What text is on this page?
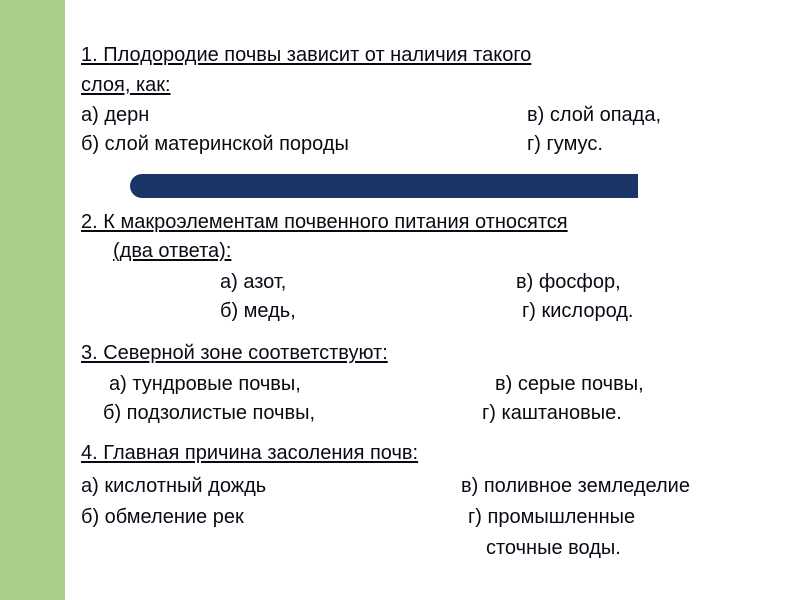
1. Плодородие почвы зависит от наличия такого
слоя, как:
а) дерн	в) слой опада,
б) слой материнской породы	г) гумус.
2. К макроэлементам почвенного питания относятся
(два ответа):
а) азот,	в) фосфор,
б) медь,	г) кислород.
3. Северной зоне соответствуют:
а) тундровые почвы,	в) серые почвы,
б) подзолистые почвы,	г) каштановые.
4. Главная причина засоления почв:
а) кислотный дождь	в) поливное земледелие
б) обмеление рек	г) промышленные
сточные воды.
